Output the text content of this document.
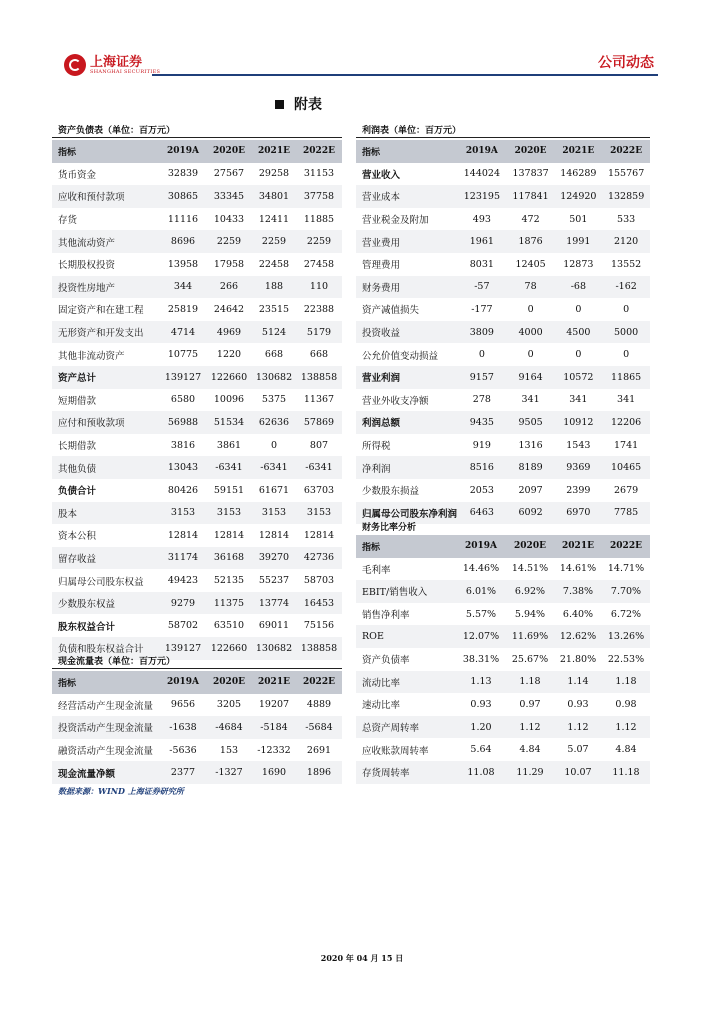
上海证券
SHANGHAI SECURITIES
公司动态
附表
资产负债表（单位：百万元）
指标	2019A	2020E	2021E	2022E
货币资金	32839	27567	29258	31153
应收和预付款项	30865	33345	34801	37758
存货	11116	10433	12411	11885
其他流动资产	8696	2259	2259	2259
长期股权投资	13958	17958	22458	27458
投资性房地产	344	266	188	110
固定资产和在建工程	25819	24642	23515	22388
无形资产和开发支出	4714	4969	5124	5179
其他非流动资产	10775	1220	668	668
资产总计	139127	122660	130682	138858
短期借款	6580	10096	5375	11367
应付和预收款项	56988	51534	62636	57869
长期借款	3816	3861	0	807
其他负债	13043	-6341	-6341	-6341
负债合计	80426	59151	61671	63703
股本	3153	3153	3153	3153
资本公积	12814	12814	12814	12814
留存收益	31174	36168	39270	42736
归属母公司股东权益	49423	52135	55237	58703
少数股东权益	9279	11375	13774	16453
股东权益合计	58702	63510	69011	75156
负债和股东权益合计	139127	122660	130682	138858
现金流量表（单位：百万元）
指标	2019A	2020E	2021E	2022E
经营活动产生现金流量	9656	3205	19207	4889
投资活动产生现金流量	-1638	-4684	-5184	-5684
融资活动产生现金流量	-5636	153	-12332	2691
现金流量净额	2377	-1327	1690	1896
利润表（单位：百万元）
指标	2019A	2020E	2021E	2022E
营业收入	144024	137837	146289	155767
营业成本	123195	117841	124920	132859
营业税金及附加	493	472	501	533
营业费用	1961	1876	1991	2120
管理费用	8031	12405	12873	13552
财务费用	-57	78	-68	-162
资产减值损失	-177	0	0	0
投资收益	3809	4000	4500	5000
公允价值变动损益	0	0	0	0
营业利润	9157	9164	10572	11865
营业外收支净额	278	341	341	341
利润总额	9435	9505	10912	12206
所得税	919	1316	1543	1741
净利润	8516	8189	9369	10465
少数股东损益	2053	2097	2399	2679
归属母公司股东净利润	6463	6092	6970	7785
财务比率分析
指标	2019A	2020E	2021E	2022E
毛利率	14.46%	14.51%	14.61%	14.71%
EBIT/销售收入	6.01%	6.92%	7.38%	7.70%
销售净利率	5.57%	5.94%	6.40%	6.72%
ROE	12.07%	11.69%	12.62%	13.26%
资产负债率	38.31%	25.67%	21.80%	22.53%
流动比率	1.13	1.18	1.14	1.18
速动比率	0.93	0.97	0.93	0.98
总资产周转率	1.20	1.12	1.12	1.12
应收账款周转率	5.64	4.84	5.07	4.84
存货周转率	11.08	11.29	10.07	11.18
数据来源：WIND 上海证券研究所
2020 年 04 月 15 日
